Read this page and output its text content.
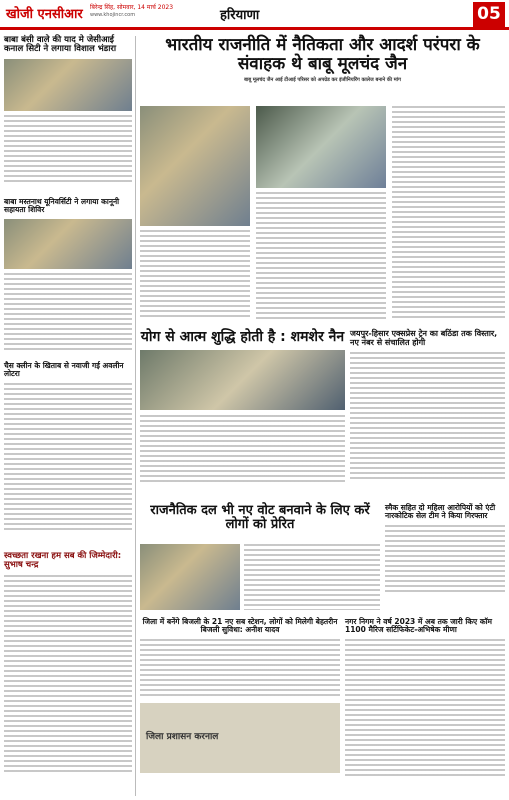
खोजी एनसीआर बिरेन्द्र सिंह, सोमवार, 14 मार्च 2023
www.khojincr.com	हरियाणा	05
बाबा बंसी वाले की याद मे जेसीआई कनाल सिटी ने लगाया विशाल भंडारा
बाबा मस्तनाथ यूनिवर्सिटी ने लगाया कानूनी सहायता शिविर
चैस क्लीन के खिताब से नवाजी गई अवलीन लोटरा
स्वच्छता रखना हम सब की जिम्मेदारी: सुभाष चन्द्र
भारतीय राजनीति में नैतिकता और आदर्श परंपरा के संवाहक थे बाबू मूलचंद जैन
बाबू मूलचंद जैन आई टीआई परिसर को अपग्रेड कर इंजीनियरिंग कालेज बनाने की मांग
योग से आत्म शुद्धि होती है : शमशेर नैन जयपुर-हिसार एक्सप्रेस ट्रेन का बठिंडा तक विस्तार, नए नंबर से संचालित होगी
राजनैतिक दल भी नए वोट बनवाने के लिए करें लोगों को प्रेरित
स्मैक सहित दो महिला आरोपियों को एंटी नारकोटिक सेल टीम ने किया गिरफ्तार
जिला में बनेंगे बिजली के 21 नए सब स्टेशन, लोगों को मिलेगी बेहतरीन बिजली सुविधा: अनीश यादव
जिला प्रशासन करनाल
नगर निगम ने वर्ष 2023 में अब तक जारी किए कॉम 1100 मैरिज सर्टिफिकेट-अभिषेक मीणा
